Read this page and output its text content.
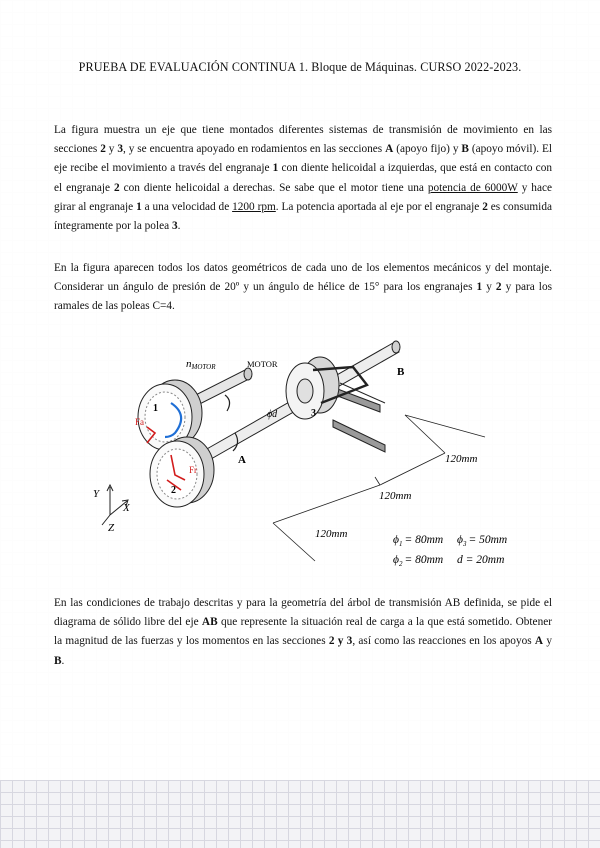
PRUEBA DE EVALUACIÓN CONTINUA 1. Bloque de Máquinas. CURSO 2022-2023.
La figura muestra un eje que tiene montados diferentes sistemas de transmisión de movimiento en las secciones 2 y 3, y se encuentra apoyado en rodamientos en las secciones A (apoyo fijo) y B (apoyo móvil). El eje recibe el movimiento a través del engranaje 1 con diente helicoidal a izquierdas, que está en contacto con el engranaje 2 con diente helicoidal a derechas. Se sabe que el motor tiene una potencia de 6000W y hace girar al engranaje 1 a una velocidad de 1200 rpm. La potencia aportada al eje por el engranaje 2 es consumida íntegramente por la polea 3.
En la figura aparecen todos los datos geométricos de cada uno de los elementos mecánicos y del montaje. Considerar un ángulo de presión de 20º y un ángulo de hélice de 15° para los engranajes 1 y 2 y para los ramales de las poleas C=4.
Fa
Fr
nMOTOR	MOTOR
B
A
1
2
3
ϕd
120mm
120mm
120mm
Y
X
Z
$\phi_1 = 80mm$ $\phi_3 = 50mm$
$\phi_2 = 80mm$ d = 20mm
En las condiciones de trabajo descritas y para la geometría del árbol de transmisión AB definida, se pide el diagrama de sólido libre del eje AB que represente la situación real de carga a la que está sometido. Obtener la magnitud de las fuerzas y los momentos en las secciones 2 y 3, así como las reacciones en los apoyos A y B.
